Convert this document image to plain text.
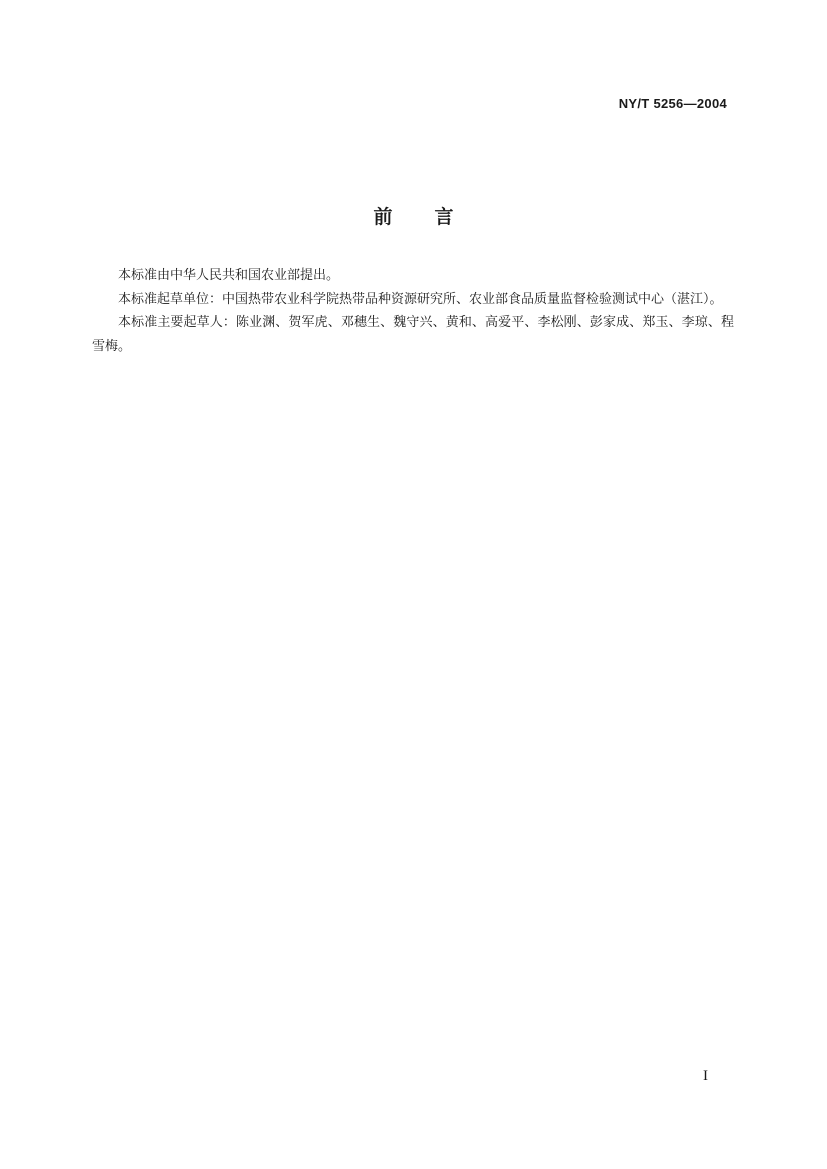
NY/T 5256—2004
前言

本标准由中华人民共和国农业部提出。

本标准起草单位：中国热带农业科学院热带品种资源研究所、农业部食品质量监督检验测试中心（湛江）。

本标准主要起草人：陈业渊、贺军虎、邓穗生、魏守兴、黄和、高爱平、李松刚、彭家成、郑玉、李琼、程雪梅。

I
